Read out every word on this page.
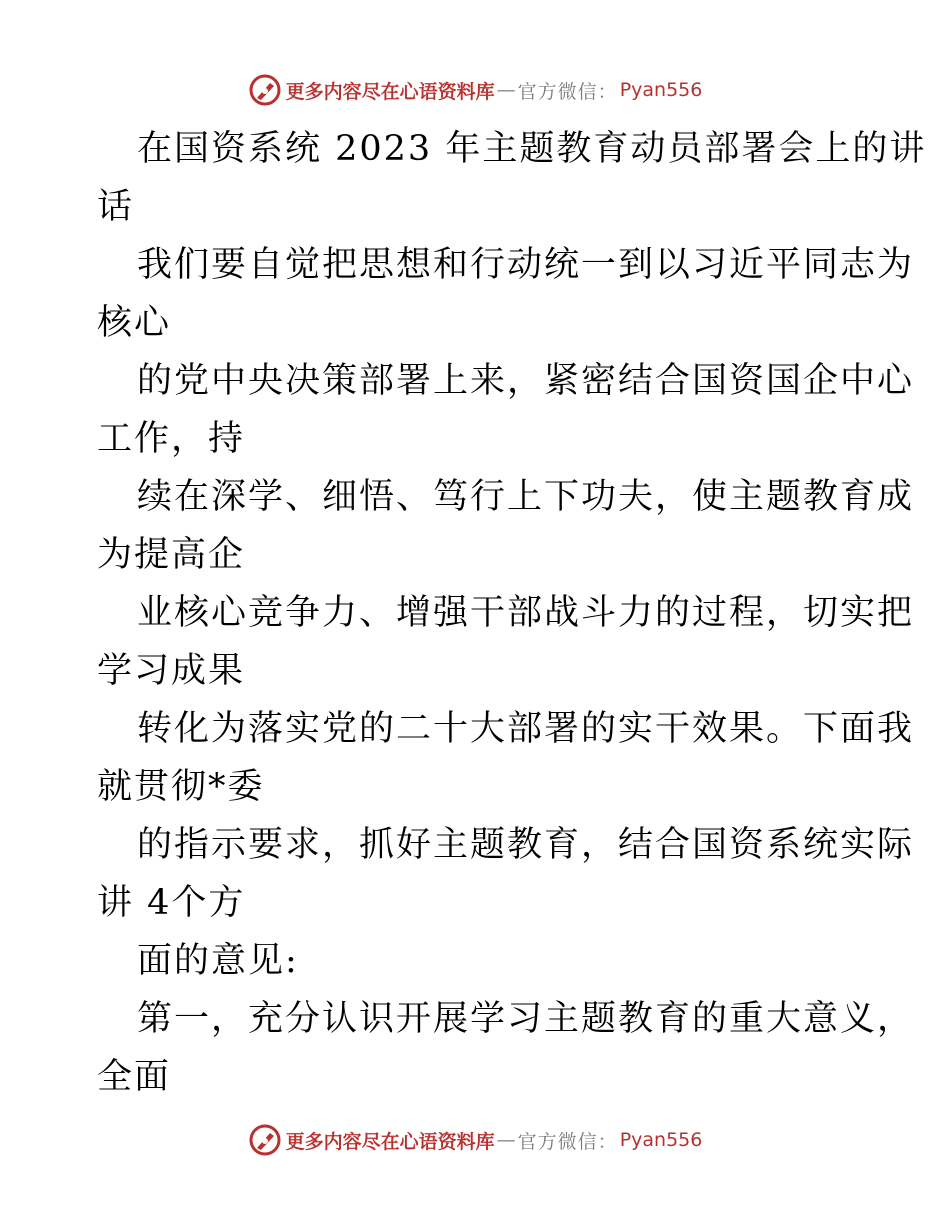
更多内容尽在心语资料库 — 官方微信： Pyan556
在国资系统 2023 年主题教育动员部署会上的讲
话
我们要自觉把思想和行动统一到以习近平同志为
核心
的党中央决策部署上来，紧密结合国资国企中心
工作，持
续在深学、细悟、笃行上下功夫，使主题教育成
为提高企
业核心竞争力、增强干部战斗力的过程，切实把
学习成果
转化为落实党的二十大部署的实干效果。下面我
就贯彻*委
的指示要求，抓好主题教育，结合国资系统实际
讲 4个方
面的意见:
第一，充分认识开展学习主题教育的重大意义，
全面
更多内容尽在心语资料库 — 官方微信： Pyan556
